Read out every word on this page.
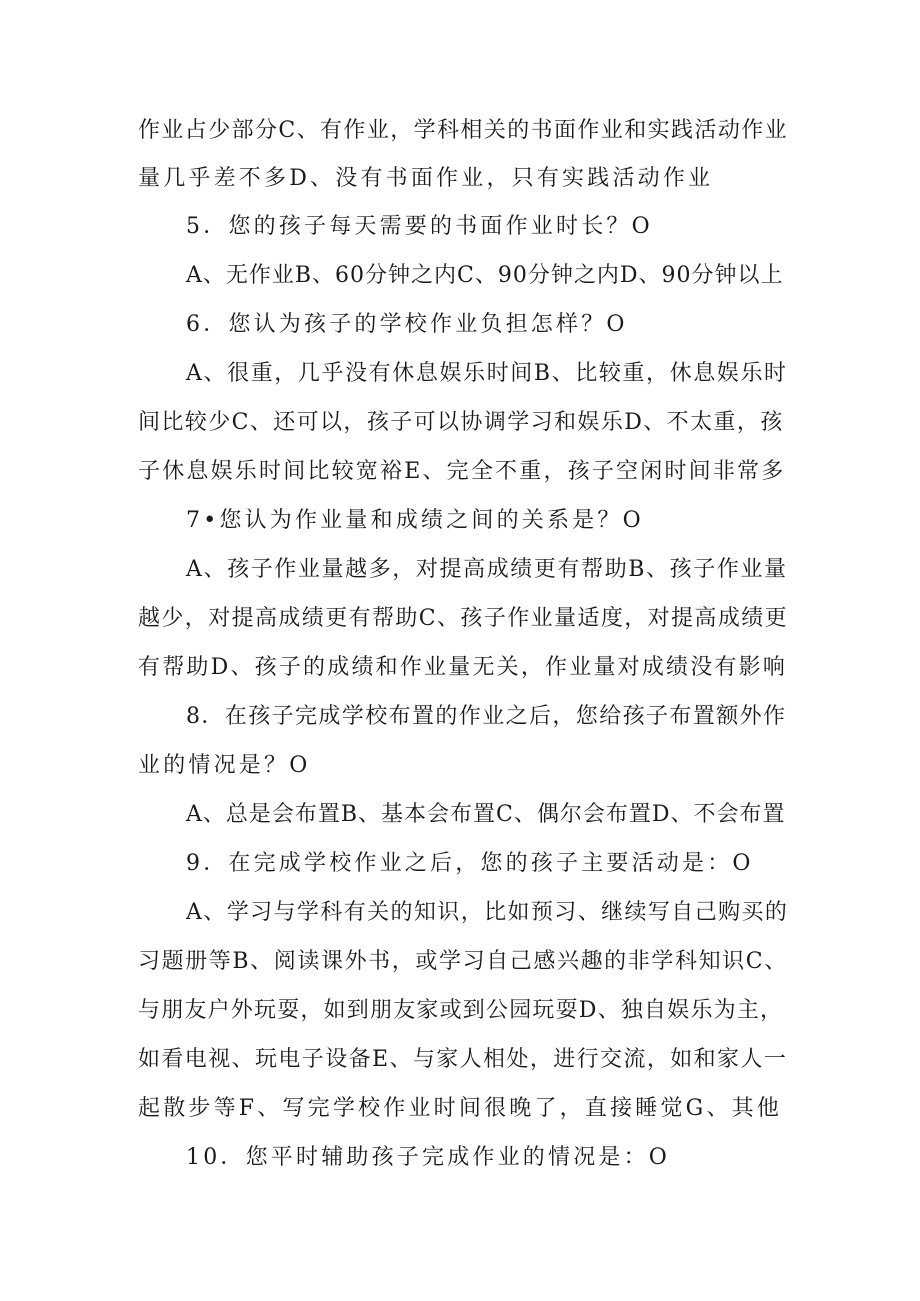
作业占少部分C、有作业，学科相关的书面作业和实践活动作业
量几乎差不多D、没有书面作业，只有实践活动作业
5．您的孩子每天需要的书面作业时长？O
A、无作业B、60分钟之内C、90分钟之内D、90分钟以上
6．您认为孩子的学校作业负担怎样？O
A、很重，几乎没有休息娱乐时间B、比较重，休息娱乐时
间比较少C、还可以，孩子可以协调学习和娱乐D、不太重，孩
子休息娱乐时间比较宽裕E、完全不重，孩子空闲时间非常多
7•您认为作业量和成绩之间的关系是？O
A、孩子作业量越多，对提高成绩更有帮助B、孩子作业量
越少，对提高成绩更有帮助C、孩子作业量适度，对提高成绩更
有帮助D、孩子的成绩和作业量无关，作业量对成绩没有影响
8．在孩子完成学校布置的作业之后，您给孩子布置额外作
业的情况是？O
A、总是会布置B、基本会布置C、偶尔会布置D、不会布置
9．在完成学校作业之后，您的孩子主要活动是：O
A、学习与学科有关的知识，比如预习、继续写自己购买的
习题册等B、阅读课外书，或学习自己感兴趣的非学科知识C、
与朋友户外玩耍，如到朋友家或到公园玩耍D、独自娱乐为主，
如看电视、玩电子设备E、与家人相处，进行交流，如和家人一
起散步等F、写完学校作业时间很晚了，直接睡觉G、其他
10．您平时辅助孩子完成作业的情况是：O
